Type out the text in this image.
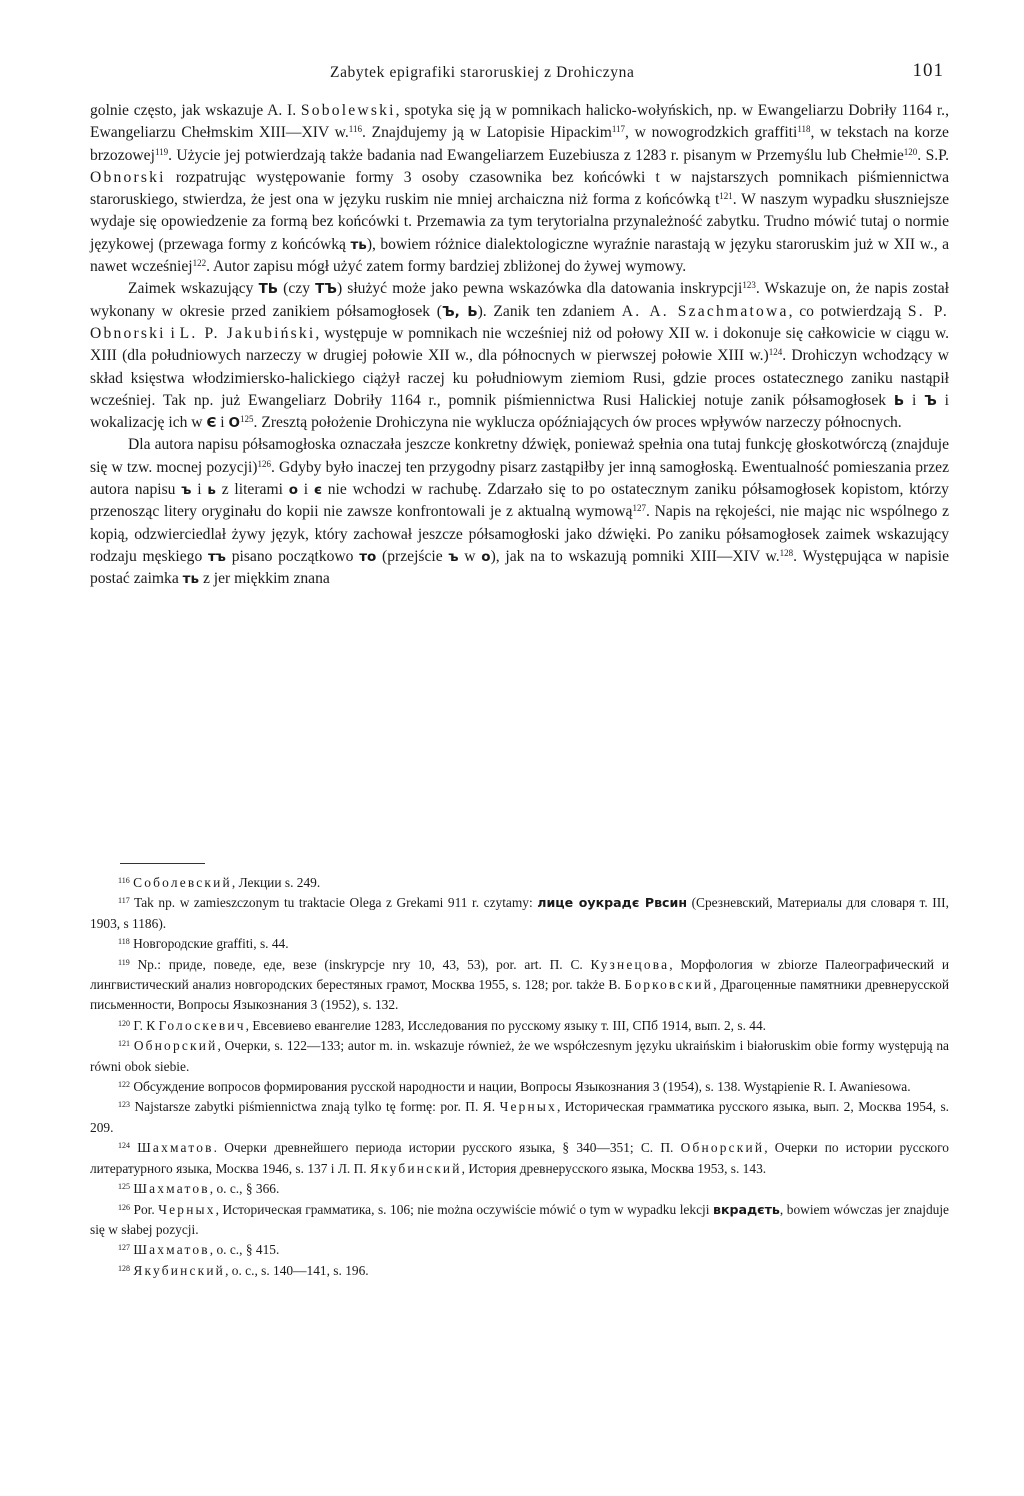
Zabytek epigrafiki staroruskiej z Drohiczyna	101

golnie często, jak wskazuje A. I. Sobolewski, spotyka się ją w pomnikach halicko-wołyńskich, np. w Ewangeliarzu Dobriły 1164 r., Ewangeliarzu Chełmskim XIII—XIV w.$^{116}$. Znajdujemy ją w Latopisie Hipackim$^{117}$, w nowogrodzkich graffiti$^{118}$, w tekstach na korze brzozowej$^{119}$. Użycie jej potwierdzają także badania nad Ewangeliarzem Euzebiusza z 1283 r. pisanym w Przemyślu lub Chełmie$^{120}$. S.P. Obnorski rozpatrując występowanie formy 3 osoby czasownika bez końcówki t w najstarszych pomnikach piśmiennictwa staroruskiego, stwierdza, że jest ona w języku ruskim nie mniej archaiczna niż forma z końcówką $t^{121}$. W naszym wypadku słuszniejsze wydaje się opowiedzenie za formą bez końcówki t. Przemawia za tym terytorialna przynależność zabytku. Trudno mówić tutaj o normie językowej (przewaga formy z końcówką ть), bowiem różnice dialektologiczne wyraźnie narastają w języku staroruskim już w XII w., a nawet wcześniej$^{122}$. Autor zapisu mógł użyć zatem formy bardziej zbliżonej do żywej wymowy.

Zaimek wskazujący ТЬ (czy ТЪ) służyć może jako pewna wskazówka dla datowania inskrypcji$^{123}$. Wskazuje on, że napis został wykonany w okresie przed zanikiem półsamogłosek (Ъ, Ь). Zanik ten zdaniem A. A. Szachmatowa, co potwierdzają S. P. Obnorski i L. P. Jakubiński, występuje w pomnikach nie wcześniej niż od połowy XII w. i dokonuje się całkowicie w ciągu w. XIII (dla południowych narzeczy w drugiej połowie XII w., dla północnych w pierwszej połowie XIII w.)$^{124}$. Drohiczyn wchodzący w skład księstwa włodzimiersko-halickiego ciążył raczej ku południowym ziemiom Rusi, gdzie proces ostatecznego zaniku nastąpił wcześniej. Tak np. już Ewangeliarz Dobriły 1164 r., pomnik piśmiennictwa Rusi Halickiej notuje zanik półsamogłosek Ь i Ъ i wokalizację ich w Є i $О^{125}$. Zresztą położenie Drohiczyna nie wyklucza opóźniających ów proces wpływów narzeczy północnych.

Dla autora napisu półsamogłoska oznaczała jeszcze konkretny dźwięk, ponieważ spełnia ona tutaj funkcję głoskotwórczą (znajduje się w tzw. mocnej pozycji)$^{126}$. Gdyby było inaczej ten przygodny pisarz zastąpiłby jer inną samogłoską. Ewentualność pomieszania przez autora napisu ъ i ь z literami о i є nie wchodzi w rachubę. Zdarzało się to po ostatecznym zaniku półsamogłosek kopistom, którzy przenosząc litery oryginału do kopii nie zawsze konfrontowali je z aktualną wymową$^{127}$. Napis na rękojeści, nie mając nic wspólnego z kopią, odzwierciedlał żywy język, który zachował jeszcze półsamogłoski jako dźwięki. Po zaniku półsamogłosek zaimek wskazujący rodzaju męskiego тъ pisano początkowo то (przejście ъ w о), jak na to wskazują pomniki XIII—XIV w.$^{128}$. Występująca w napisie postać zaimka ть z jer miękkim znana

$^{116}$ Соболевский, Лекции s. 249.

$^{117}$ Tak np. w zamieszczonym tu traktacie Olega z Grekami 911 r. czytamy: лице оукрадє Рвсин (Срезневский, Материалы для словаря т. III, 1903, s 1186).

$^{118}$ Новгородские graffiti, s. 44.

$^{119}$ Np.: приде, поведе, еде, везе (inskrypcje nry 10, 43, 53), por. art. П. С. Кузнецова, Морфология w zbiorze Палеографический и лингвистический анализ новгородских берестяных грамот, Москва 1955, s. 128; por. także В. Борковский, Драгоценные памятники древнерусской письменности, Вопросы Языкознания 3 (1952), s. 132.

$^{120}$ Г. К Голоскевич, Евсевиево евангелие 1283, Исследования по русскому языку т. III, СПб 1914, вып. 2, s. 44.

$^{121}$ Обнорский, Очерки, s. 122—133; autor m. in. wskazuje również, że we współczesnym języku ukraińskim i białoruskim obie formy występują na równi obok siebie.

$^{122}$ Обсуждение вопросов формирования русской народности и нации, Вопросы Языкознания 3 (1954), s. 138. Wystąpienie R. I. Awaniesowa.

$^{123}$ Najstarsze zabytki piśmiennictwa znają tylko tę formę: por. П. Я. Черных, Историческая грамматика русского языка, вып. 2, Москва 1954, s. 209.

$^{124}$ Шахматов. Очерки древнейшего периода истории русского языка, § 340—351; С. П. Обнорский, Очерки по истории русского литературного языка, Москва 1946, s. 137 i Л. П. Якубинский, История древнерусского языка, Москва 1953, s. 143.

$^{125}$ Шахматов, o. c., § 366.

$^{126}$ Por. Черных, Историческая грамматика, s. 106; nie można oczywiście mówić o tym w wypadku lekcji вкрадєть, bowiem wówczas jer znajduje się w słabej pozycji.

$^{127}$ Шахматов, o. c., § 415.

$^{128}$ Якубинский, o. c., s. 140—141, s. 196.
